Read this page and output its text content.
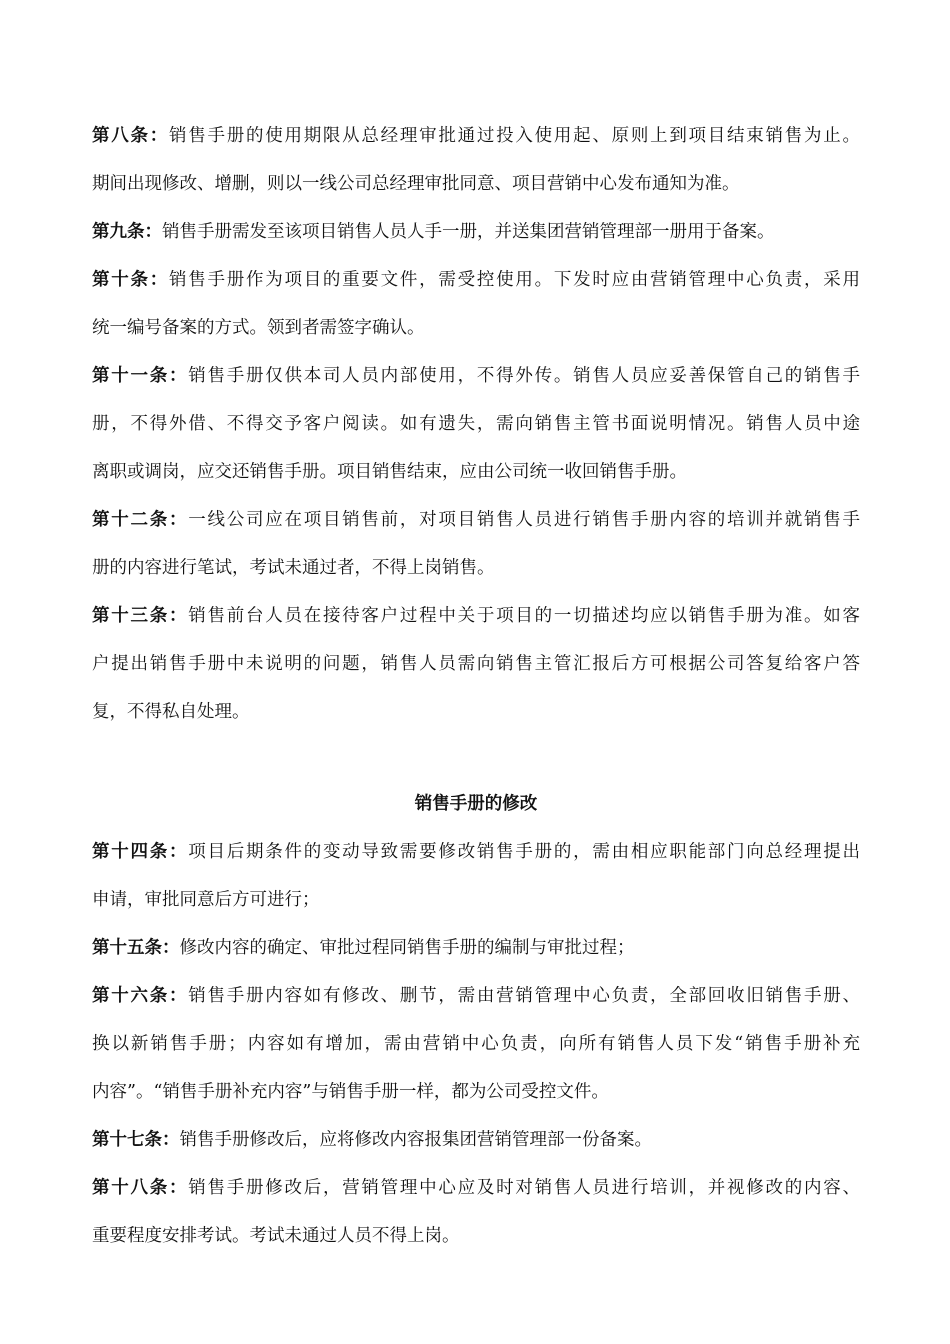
第八条：销售手册的使用期限从总经理审批通过投入使用起、原则上到项目结束销售为止。
期间出现修改、增删，则以一线公司总经理审批同意、项目营销中心发布通知为准。
第九条：销售手册需发至该项目销售人员人手一册，并送集团营销管理部一册用于备案。
第十条：销售手册作为项目的重要文件，需受控使用。下发时应由营销管理中心负责，采用
统一编号备案的方式。领到者需签字确认。
第十一条：销售手册仅供本司人员内部使用，不得外传。销售人员应妥善保管自己的销售手
册，不得外借、不得交予客户阅读。如有遗失，需向销售主管书面说明情况。销售人员中途
离职或调岗，应交还销售手册。项目销售结束，应由公司统一收回销售手册。
第十二条：一线公司应在项目销售前，对项目销售人员进行销售手册内容的培训并就销售手
册的内容进行笔试，考试未通过者，不得上岗销售。
第十三条：销售前台人员在接待客户过程中关于项目的一切描述均应以销售手册为准。如客
户提出销售手册中未说明的问题，销售人员需向销售主管汇报后方可根据公司答复给客户答
复，不得私自处理。
销售手册的修改
第十四条：项目后期条件的变动导致需要修改销售手册的，需由相应职能部门向总经理提出
申请，审批同意后方可进行；
第十五条：修改内容的确定、审批过程同销售手册的编制与审批过程；
第十六条：销售手册内容如有修改、删节，需由营销管理中心负责，全部回收旧销售手册、
换以新销售手册；内容如有增加，需由营销中心负责，向所有销售人员下发“销售手册补充
内容”。“销售手册补充内容”与销售手册一样，都为公司受控文件。
第十七条：销售手册修改后，应将修改内容报集团营销管理部一份备案。
第十八条：销售手册修改后，营销管理中心应及时对销售人员进行培训，并视修改的内容、
重要程度安排考试。考试未通过人员不得上岗。
